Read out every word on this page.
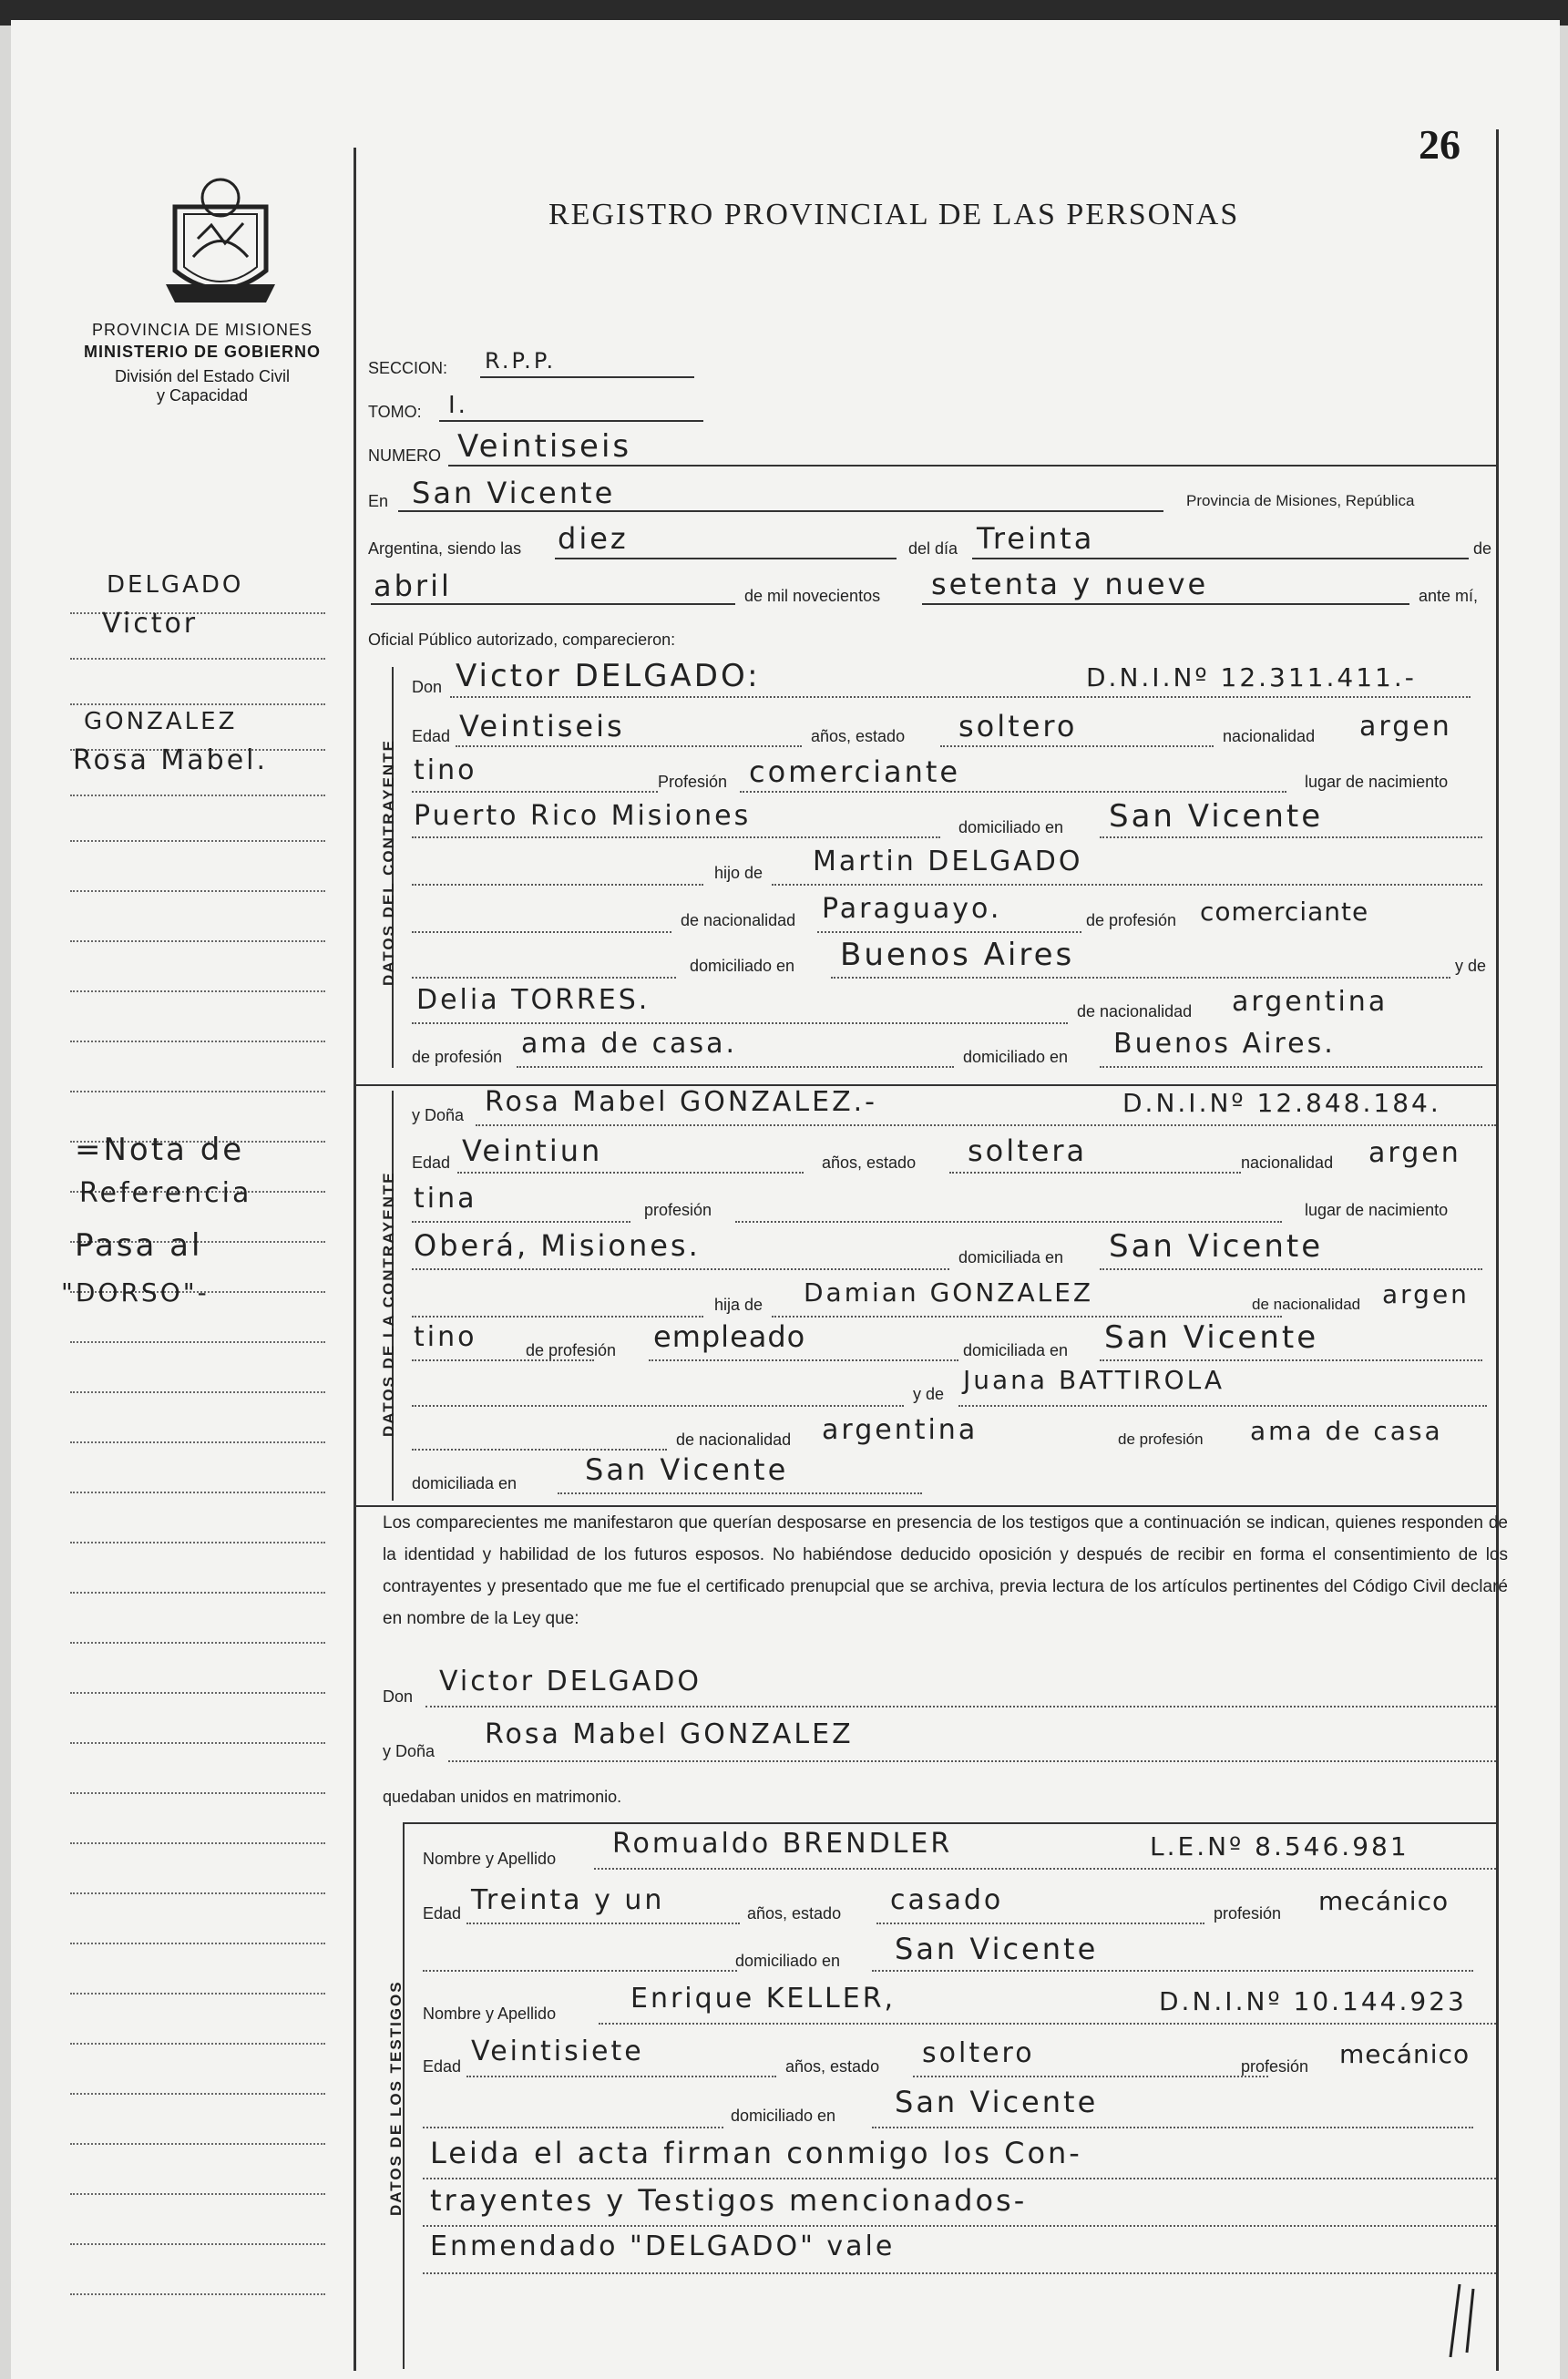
26
PROVINCIA DE MISIONES
MINISTERIO DE GOBIERNO
División del Estado Civil
y Capacidad
REGISTRO PROVINCIAL DE LAS PERSONAS
DELGADO
Victor
GONZALEZ
Rosa Mabel.
=Nota de
Referencia
Pasa al
"DORSO"-
SECCION: R.P.P.
TOMO: I.
NUMERO Veintiseis
En San Vicente	Provincia de Misiones, República
Argentina, siendo las diez	del día Treinta	de
abril	de mil novecientos setenta y nueve	ante mí,
Oficial Público autorizado, comparecieron:
DATOS DEL CONTRAYENTE
Don Victor DELGADO:	D.N.I.Nº 12.311.411.-
Edad Veintiseis	años, estado soltero	nacionalidad argen
tino	Profesión comerciante	lugar de nacimiento
Puerto Rico Misiones	domiciliado en San Vicente
hijo de Martin DELGADO
de nacionalidad Paraguayo.	de profesión comerciante
domiciliado en Buenos Aires	y de
Delia TORRES.	de nacionalidad argentina
de profesión ama de casa.	domiciliado en Buenos Aires.
DATOS DE LA CONTRAYENTE
y Doña Rosa Mabel GONZALEZ.-	D.N.I.Nº 12.848.184.
Edad Veintiun	años, estado soltera	nacionalidad argen
tina	profesión	lugar de nacimiento
Oberá, Misiones.	domiciliada en San Vicente
hija de Damian GONZALEZ	de nacionalidad argen
tino	de profesión empleado	domiciliada en San Vicente
y de Juana BATTIROLA
de nacionalidad argentina	de profesión ama de casa
domiciliada en San Vicente
Los comparecientes me manifestaron que querían desposarse en presencia de los testigos que a continuación se indican, quienes responden de la identidad y habilidad de los futuros esposos. No habiéndose deducido oposición y después de recibir en forma el consentimiento de los contrayentes y presentado que me fue el certificado prenupcial que se archiva, previa lectura de los artículos pertinentes del Código Civil declaré en nombre de la Ley que:
Don Victor DELGADO
y Doña
Rosa Mabel GONZALEZ
quedaban unidos en matrimonio.
DATOS DE LOS TESTIGOS
Nombre y Apellido Romualdo BRENDLER	L.E.Nº 8.546.981
Edad Treinta y un	años, estado casado	profesión mecánico
domiciliado en San Vicente
Nombre y Apellido	Enrique KELLER,	D.N.I.Nº 10.144.923
Edad Veintisiete	años, estado soltero	profesión mecánico
domiciliado en San Vicente
Leida el acta firman conmigo los Con-
trayentes y Testigos mencionados-
Enmendado "DELGADO" vale
